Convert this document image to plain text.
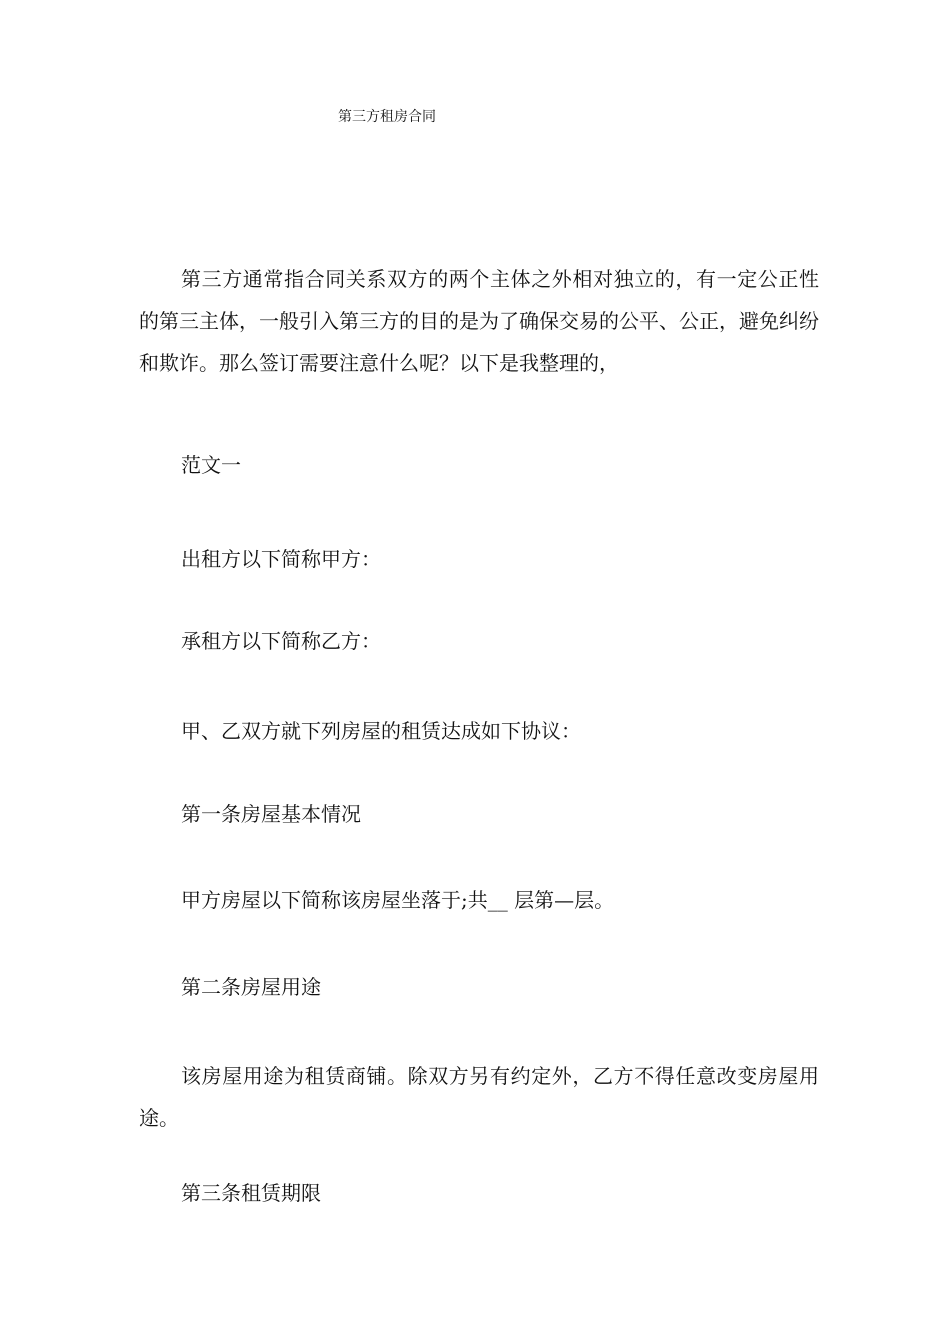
第三方租房合同

第三方通常指合同关系双方的两个主体之外相对独立的，有一定公正性的第三主体，一般引入第三方的目的是为了确保交易的公平、公正，避免纠纷和欺诈。那么签订需要注意什么呢？以下是我整理的，

范文一

出租方以下简称甲方：

承租方以下简称乙方：

甲、乙双方就下列房屋的租赁达成如下协议：

第一条房屋基本情况

甲方房屋以下简称该房屋坐落于;共__ 层第—层。

第二条房屋用途

该房屋用途为租赁商铺。除双方另有约定外，乙方不得任意改变房屋用途。

第三条租赁期限
